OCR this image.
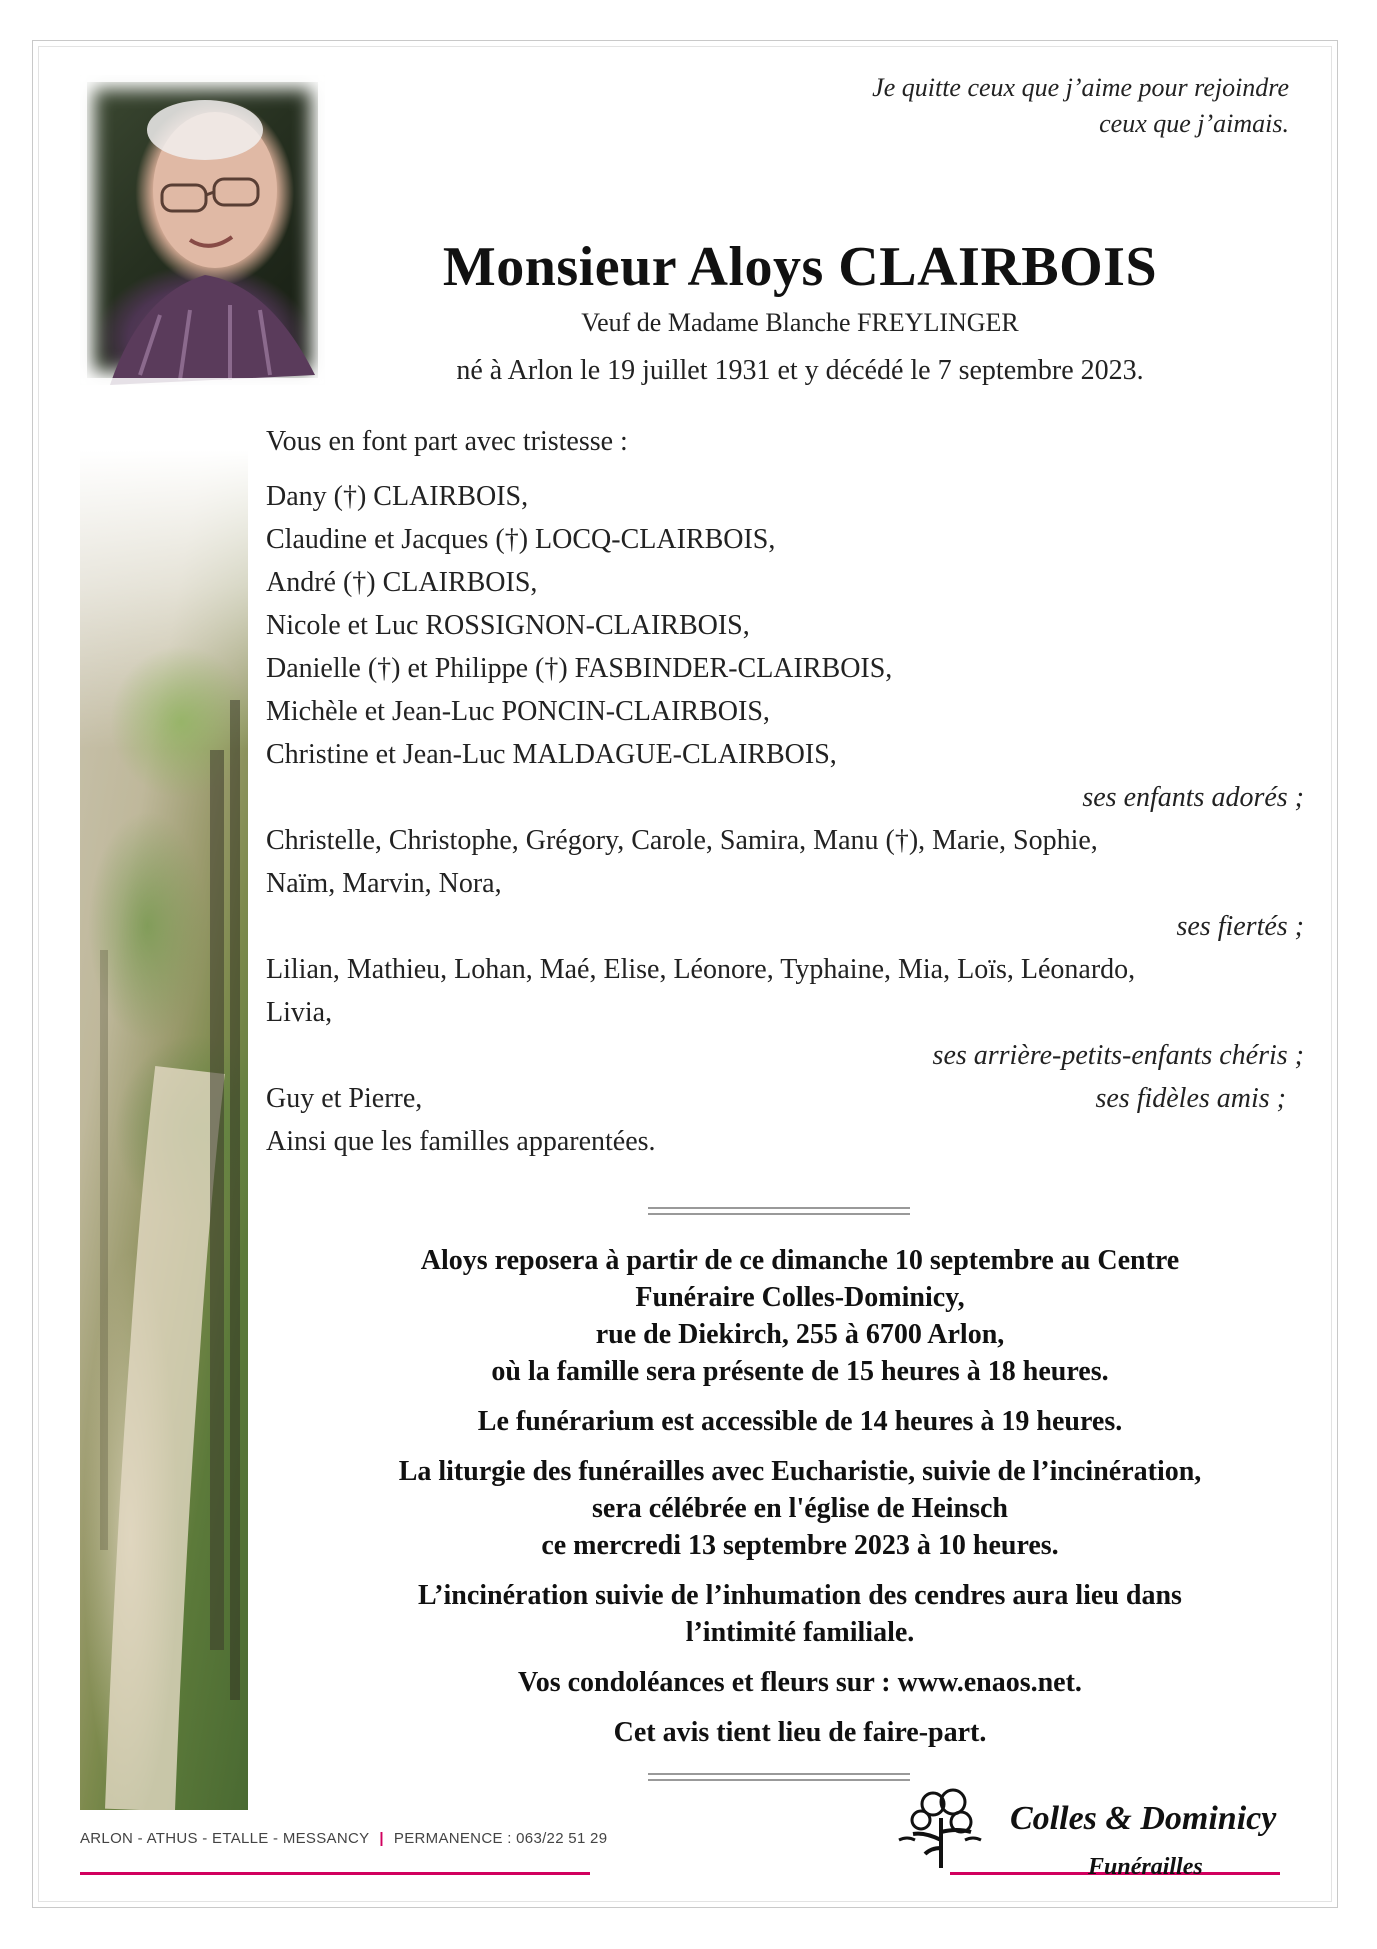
Je quitte ceux que j’aime pour rejoindre
ceux que j’aimais.
Monsieur Aloys CLAIRBOIS
Veuf de Madame Blanche FREYLINGER
né à Arlon le 19 juillet 1931 et y décédé le 7 septembre 2023.
Vous en font part avec tristesse :
Dany (†) CLAIRBOIS,
Claudine et Jacques (†) LOCQ-CLAIRBOIS,
André (†) CLAIRBOIS,
Nicole et Luc ROSSIGNON-CLAIRBOIS,
Danielle (†) et Philippe (†) FASBINDER-CLAIRBOIS,
Michèle et Jean-Luc PONCIN-CLAIRBOIS,
Christine et Jean-Luc MALDAGUE-CLAIRBOIS,
ses enfants adorés ;
Christelle, Christophe, Grégory, Carole, Samira, Manu (†), Marie, Sophie,
Naïm, Marvin, Nora,
ses fiertés ;
Lilian, Mathieu, Lohan, Maé, Elise, Léonore, Typhaine, Mia, Loïs, Léonardo,
Livia,
ses arrière-petits-enfants chéris ;
Guy et Pierre,	ses fidèles amis ;
Ainsi que les familles apparentées.

Aloys reposera à partir de ce dimanche 10 septembre au Centre
Funéraire Colles-Dominicy,
rue de Diekirch, 255 à 6700 Arlon,
où la famille sera présente de 15 heures à 18 heures.

Le funérarium est accessible de 14 heures à 19 heures.

La liturgie des funérailles avec Eucharistie, suivie de l’incinération,
sera célébrée en l'église de Heinsch
ce mercredi 13 septembre 2023 à 10 heures.

L’incinération suivie de l’inhumation des cendres aura lieu dans
l’intimité familiale.

Vos condoléances et fleurs sur : www.enaos.net.

Cet avis tient lieu de faire-part.

ARLON - ATHUS - ETALLE - MESSANCY | PERMANENCE : 063/22 51 29
Colles & Dominicy
Funérailles
